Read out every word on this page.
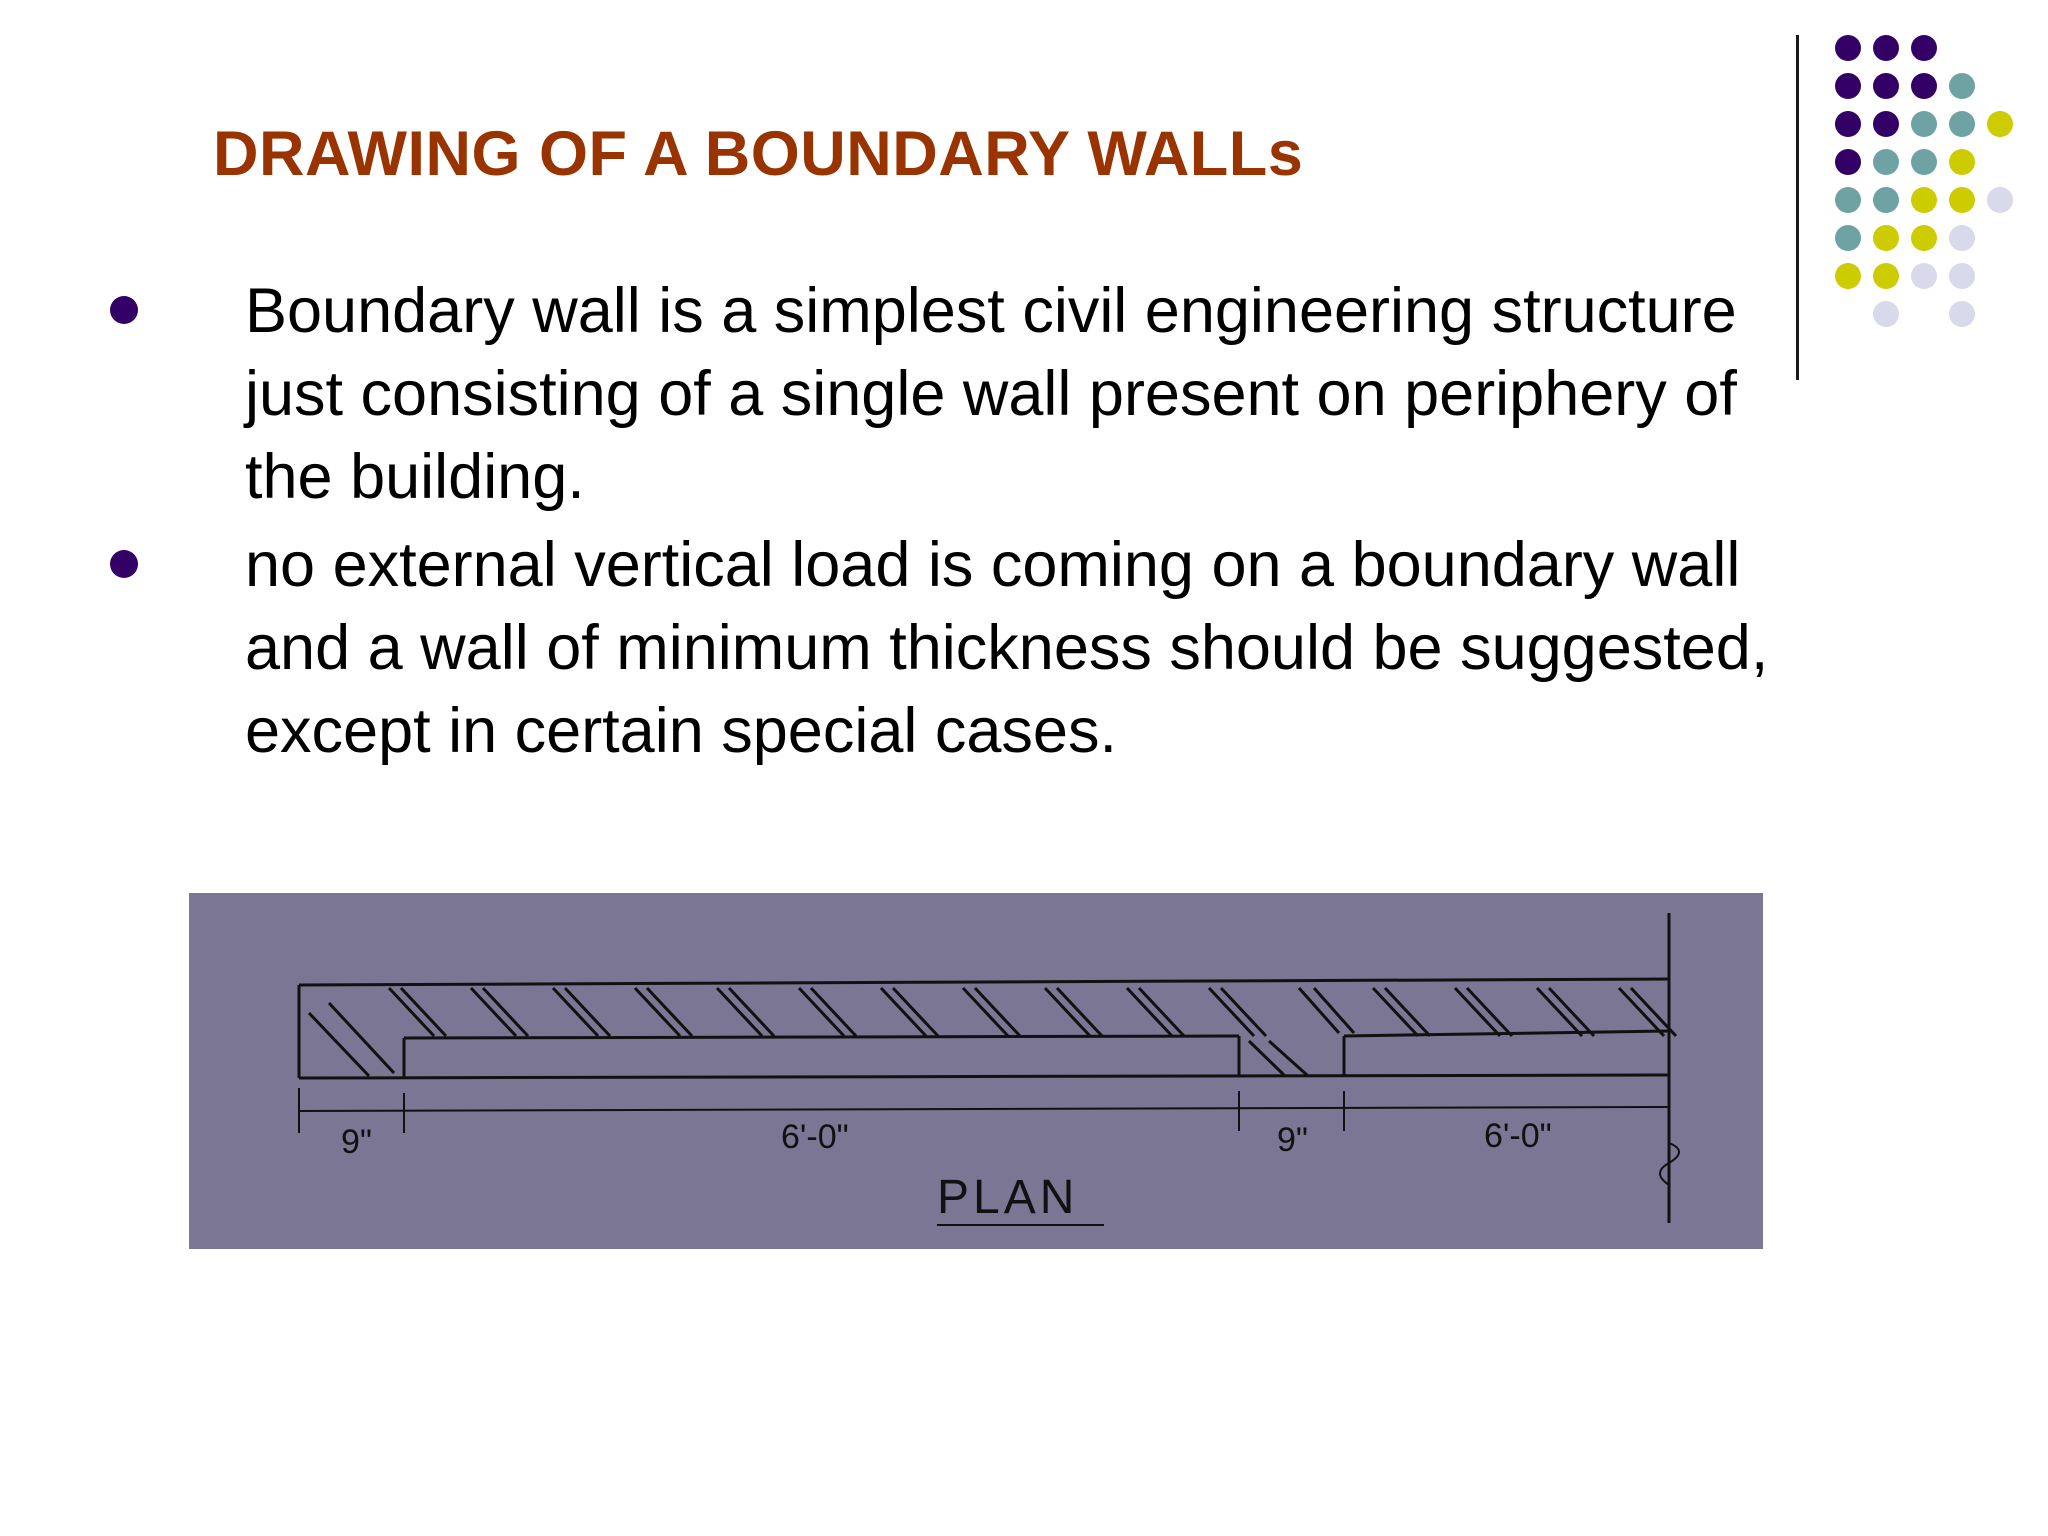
DRAWING OF A BOUNDARY WALLs
Boundary wall is a simplest civil engineering structure just consisting of a single wall present on periphery of the building.
no external vertical load is coming on a boundary wall and a wall of minimum thickness should be suggested, except in certain special cases.
9"	6'-0"	9"	6'-0"
PLAN
